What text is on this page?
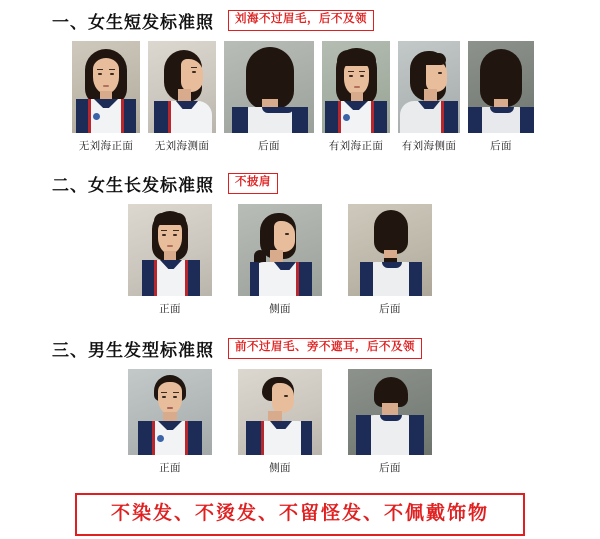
一、女生短发标准照	刘海不过眉毛，后不及领
无刘海正面 无刘海测面	后面	有刘海正面 有刘海侧面	后面
二、女生长发标准照	不披肩
正面	侧面	后面
三、男生发型标准照	前不过眉毛、旁不遮耳，后不及领
正面	侧面	后面
不染发、不烫发、不留怪发、不佩戴饰物
